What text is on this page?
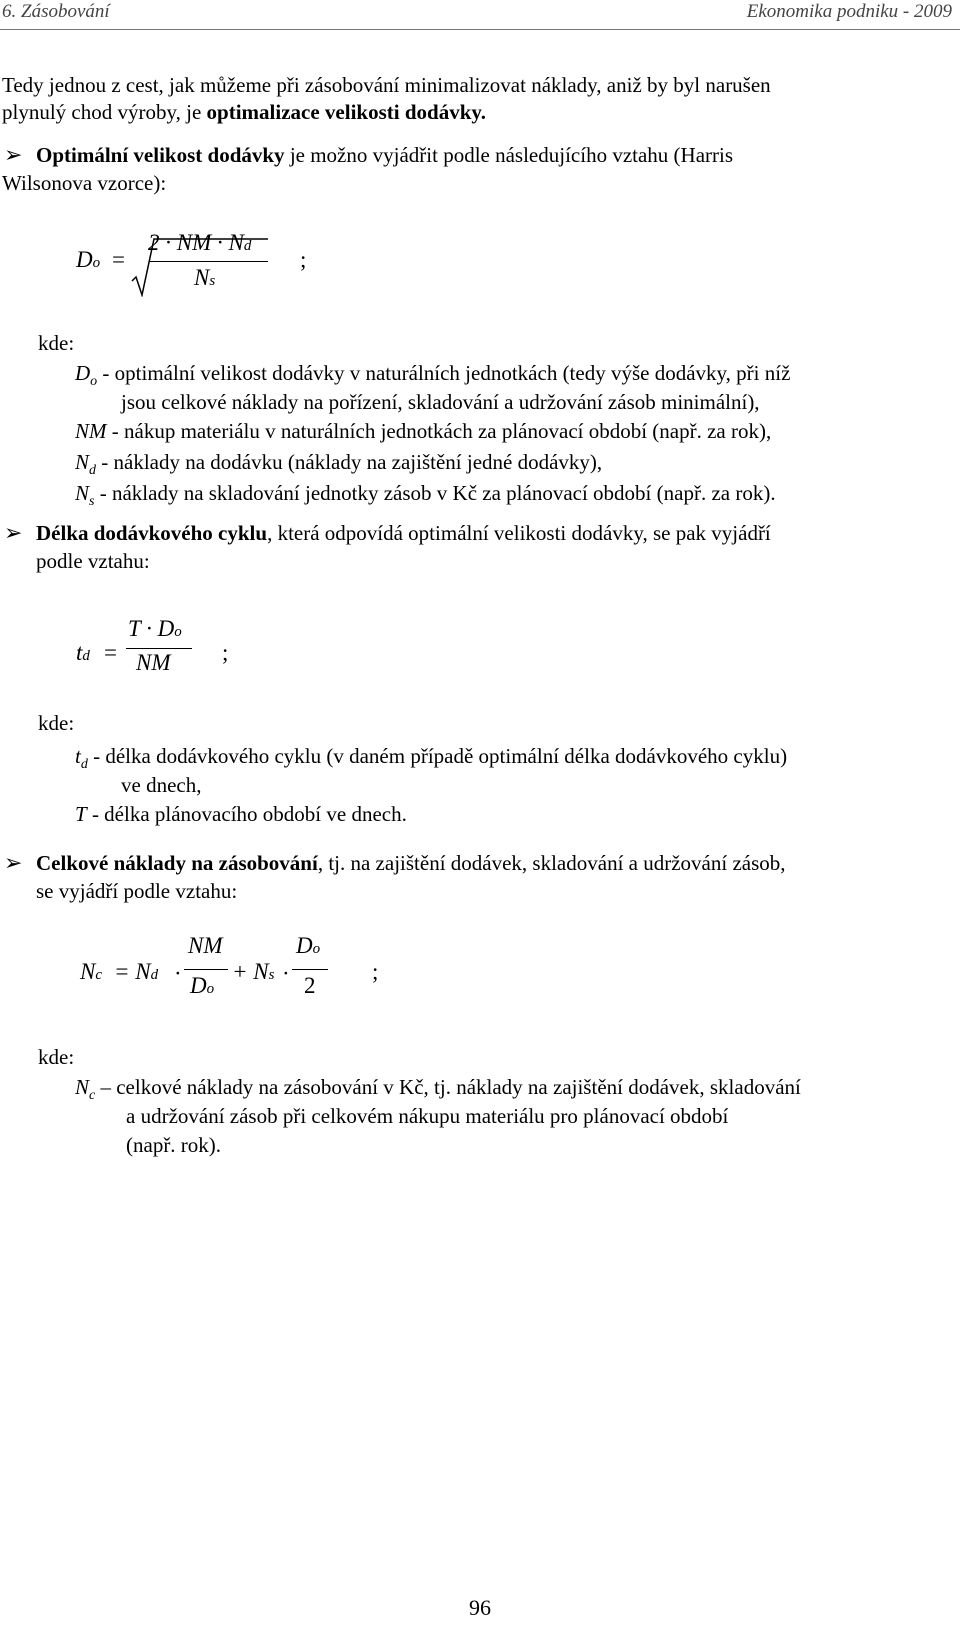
6. Zásobování	Ekonomika podniku - 2009

Tedy jednou z cest, jak můžeme při zásobování minimalizovat náklady, aniž by byl narušen

plynulý chod výroby, je optimalizace velikosti dodávky.

➢ Optimální velikost dodávky je možno vyjádřit podle následujícího vztahu (Harris

Wilsonova vzorce):

Do =
2 · NM · Nd
Ns
;

kde:

$D_o$ - optimální velikost dodávky v naturálních jednotkách (tedy výše dodávky, při níž

jsou celkové náklady na pořízení, skladování a udržování zásob minimální),

NM - nákup materiálu v naturálních jednotkách za plánovací období (např. za rok),

$N_d$ - náklady na dodávku (náklady na zajištění jedné dodávky),

$N_s$ - náklady na skladování jednotky zásob v Kč za plánovací období (např. za rok).

➢ Délka dodávkového cyklu, která odpovídá optimální velikosti dodávky, se pak vyjádří

podle vztahu:

td =
T · Do
NM ;

kde:

$t_d$ - délka dodávkového cyklu (v daném případě optimální délka dodávkového cyklu)

ve dnech,

T - délka plánovacího období ve dnech.

➢ Celkové náklady na zásobování, tj. na zajištění dodávek, skladování a udržování zásob,

se vyjádří podle vztahu:

Nc = Nd ·
NM
Do
+ Ns ·
Do
2
;

kde:

$N_c$ – celkové náklady na zásobování v Kč, tj. náklady na zajištění dodávek, skladování

a udržování zásob při celkovém nákupu materiálu pro plánovací období

(např. rok).

96
